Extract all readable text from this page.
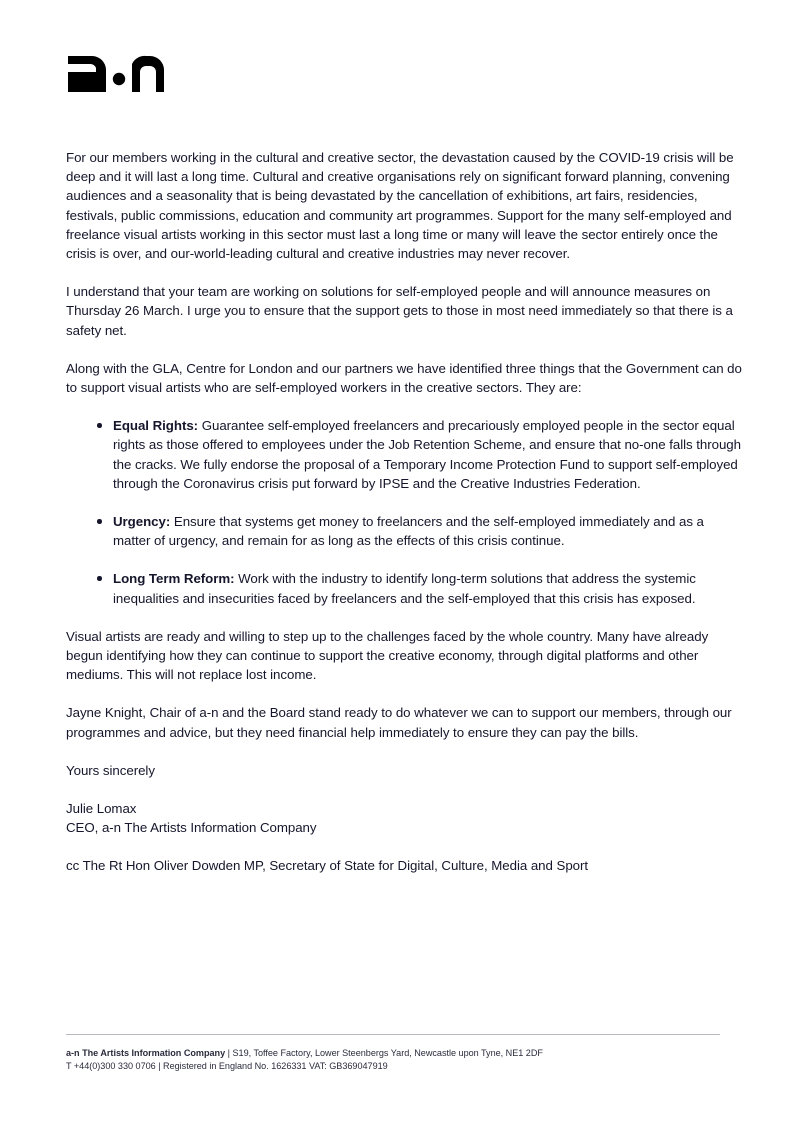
For our members working in the cultural and creative sector, the devastation caused by the COVID-19 crisis will be deep and it will last a long time. Cultural and creative organisations rely on significant forward planning, convening audiences and a seasonality that is being devastated by the cancellation of exhibitions, art fairs, residencies, festivals, public commissions, education and community art programmes. Support for the many self-employed and freelance visual artists working in this sector must last a long time or many will leave the sector entirely once the crisis is over, and our-world-leading cultural and creative industries may never recover.

I understand that your team are working on solutions for self-employed people and will announce measures on Thursday 26 March. I urge you to ensure that the support gets to those in most need immediately so that there is a safety net.

Along with the GLA, Centre for London and our partners we have identified three things that the Government can do to support visual artists who are self-employed workers in the creative sectors. They are:

Equal Rights: Guarantee self-employed freelancers and precariously employed people in the sector equal rights as those offered to employees under the Job Retention Scheme, and ensure that no-one falls through the cracks. We fully endorse the proposal of a Temporary Income Protection Fund to support self-employed through the Coronavirus crisis put forward by IPSE and the Creative Industries Federation.
Urgency: Ensure that systems get money to freelancers and the self-employed immediately and as a matter of urgency, and remain for as long as the effects of this crisis continue.
Long Term Reform: Work with the industry to identify long-term solutions that address the systemic inequalities and insecurities faced by freelancers and the self-employed that this crisis has exposed.

Visual artists are ready and willing to step up to the challenges faced by the whole country. Many have already begun identifying how they can continue to support the creative economy, through digital platforms and other mediums. This will not replace lost income.

Jayne Knight, Chair of a-n and the Board stand ready to do whatever we can to support our members, through our programmes and advice, but they need financial help immediately to ensure they can pay the bills.

Yours sincerely

Julie Lomax
CEO, a-n The Artists Information Company

cc The Rt Hon Oliver Dowden MP, Secretary of State for Digital, Culture, Media and Sport

a-n The Artists Information Company | S19, Toffee Factory, Lower Steenbergs Yard, Newcastle upon Tyne, NE1 2DF
T +44(0)300 330 0706 | Registered in England No. 1626331 VAT: GB369047919
